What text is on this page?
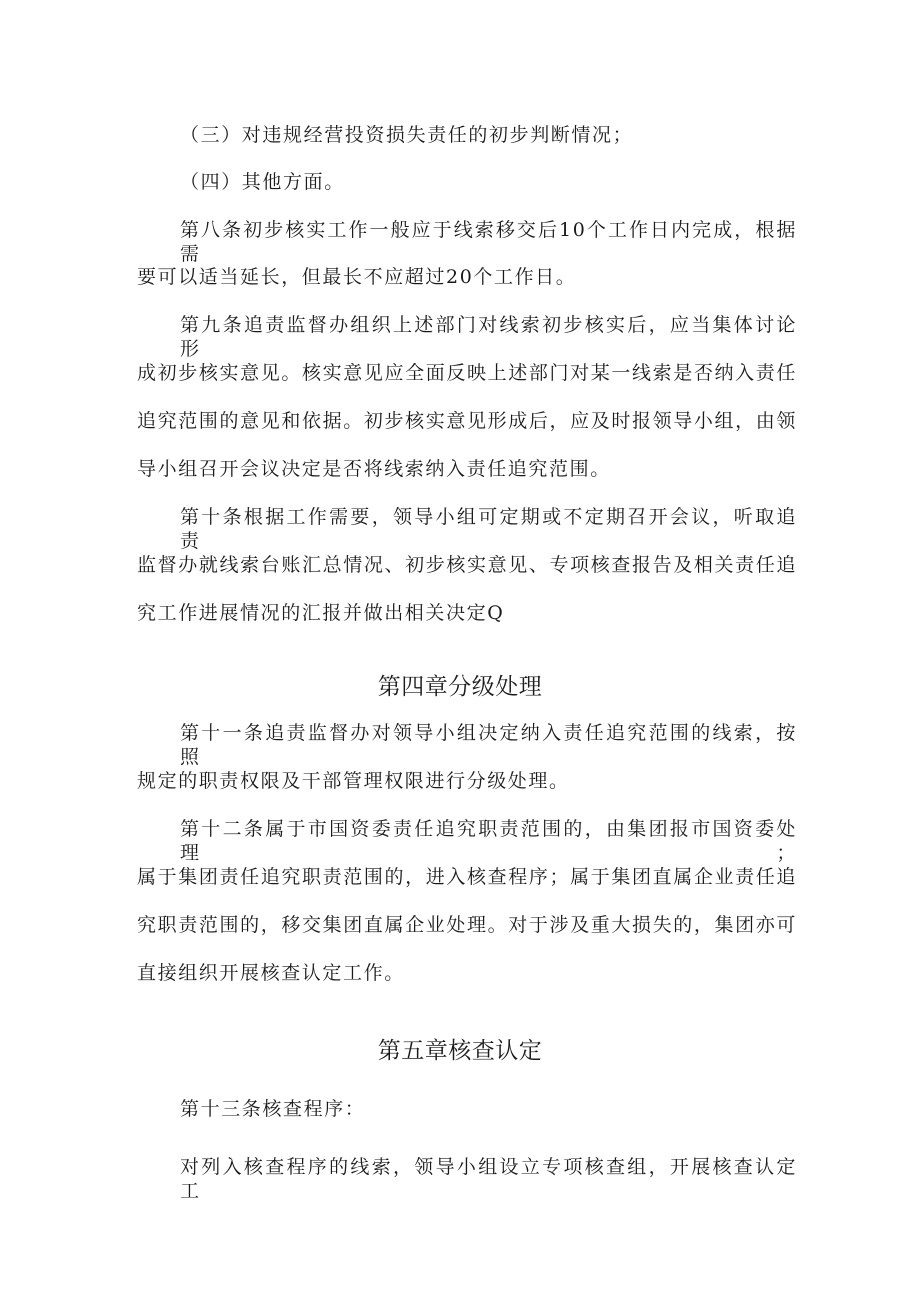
（三）对违规经营投资损失责任的初步判断情况；
（四）其他方面。
第八条初步核实工作一般应于线索移交后10个工作日内完成，根据需
要可以适当延长，但最长不应超过20个工作日。
第九条追责监督办组织上述部门对线索初步核实后，应当集体讨论形
成初步核实意见。核实意见应全面反映上述部门对某一线索是否纳入责任
追究范围的意见和依据。初步核实意见形成后，应及时报领导小组，由领
导小组召开会议决定是否将线索纳入责任追究范围。
第十条根据工作需要，领导小组可定期或不定期召开会议，听取追责
监督办就线索台账汇总情况、初步核实意见、专项核查报告及相关责任追
究工作进展情况的汇报并做出相关决定Q
第四章分级处理
第十一条追责监督办对领导小组决定纳入责任追究范围的线索，按照
规定的职责权限及干部管理权限进行分级处理。
第十二条属于市国资委责任追究职责范围的，由集团报市国资委处理；
属于集团责任追究职责范围的，进入核查程序；属于集团直属企业责任追
究职责范围的，移交集团直属企业处理。对于涉及重大损失的，集团亦可
直接组织开展核查认定工作。
第五章核查认定
第十三条核查程序：
对列入核查程序的线索，领导小组设立专项核查组，开展核查认定工
